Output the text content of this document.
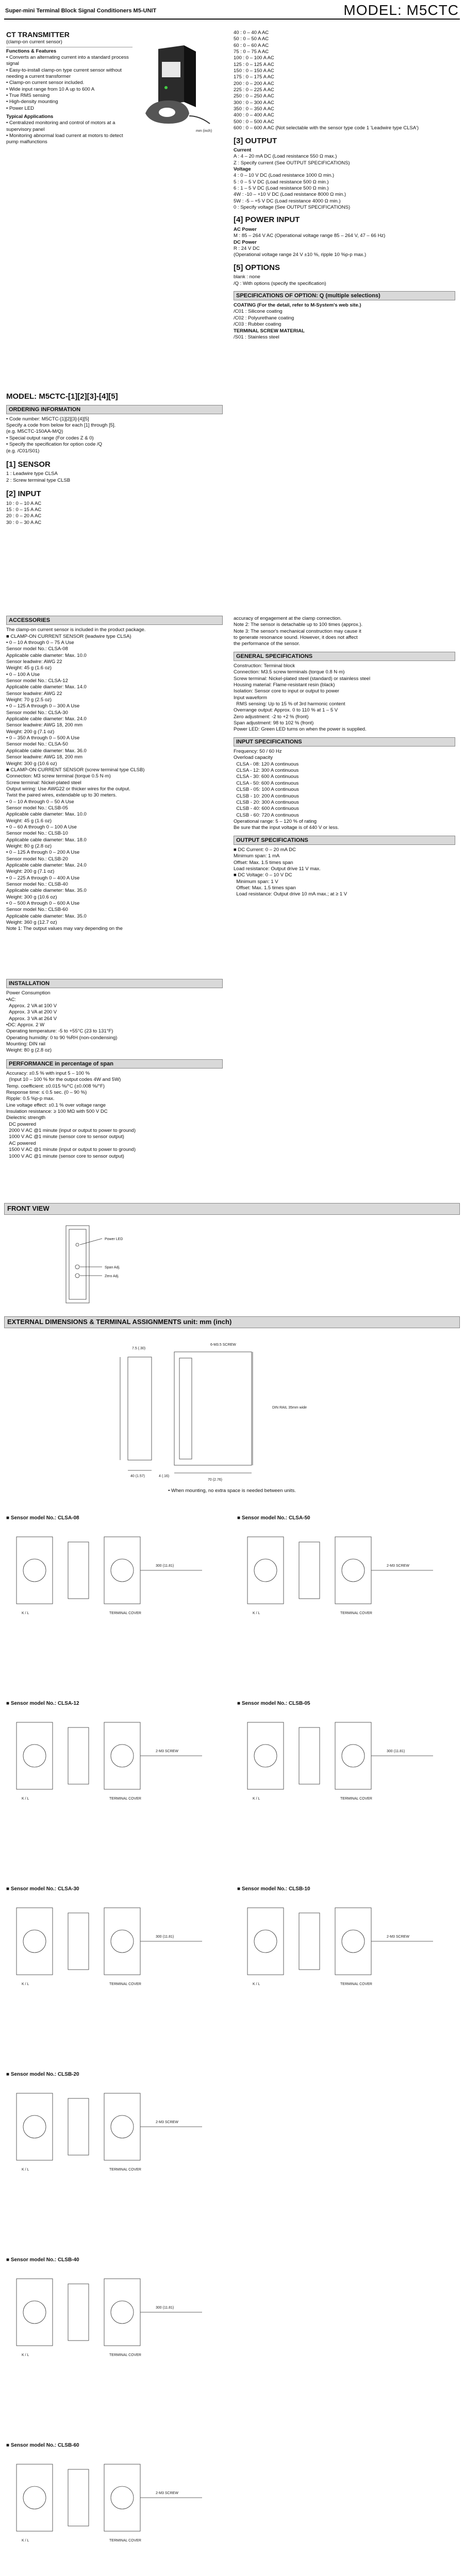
Super-mini Terminal Block Signal Conditioners M5-UNIT	MODEL: M5CTC
CT TRANSMITTER
(clamp-on current sensor)
Functions & Features
• Converts an alternating current into a standard process signal
• Easy-to-install clamp-on type current sensor without needing a current transformer
• Clamp-on current sensor included.
• Wide input range from 10 A up to 600 A
• True RMS sensing
• High-density mounting
• Power LED
Typical Applications
• Centralized monitoring and control of motors at a supervisory panel
• Monitoring abnormal load current at motors to detect pump malfunctions
mm (inch)
40 : 0 – 40 A AC
50 : 0 – 50 A AC
60 : 0 – 60 A AC
75 : 0 – 75 A AC
100 : 0 – 100 A AC
125 : 0 – 125 A AC
150 : 0 – 150 A AC
175 : 0 – 175 A AC
200 : 0 – 200 A AC
225 : 0 – 225 A AC
250 : 0 – 250 A AC
300 : 0 – 300 A AC
350 : 0 – 350 A AC
400 : 0 – 400 A AC
500 : 0 – 500 A AC
600 : 0 – 600 A AC (Not selectable with the sensor type code 1 'Leadwire type CLSA')
[3] OUTPUT
Current
A : 4 – 20 mA DC (Load resistance 550 Ω max.)
Z : Specify current (See OUTPUT SPECIFICATIONS)
Voltage
4 : 0 – 10 V DC (Load resistance 1000 Ω min.)
5 : 0 – 5 V DC (Load resistance 500 Ω min.)
6 : 1 – 5 V DC (Load resistance 500 Ω min.)
4W : -10 – +10 V DC (Load resistance 8000 Ω min.)
5W : -5 – +5 V DC (Load resistance 4000 Ω min.)
0 : Specify voltage (See OUTPUT SPECIFICATIONS)
[4] POWER INPUT
AC Power
M : 85 – 264 V AC (Operational voltage range 85 – 264 V, 47 – 66 Hz)
DC Power
R : 24 V DC
(Operational voltage range 24 V ±10 %, ripple 10 %p-p max.)
[5] OPTIONS
blank : none
/Q : With options (specify the specification)
SPECIFICATIONS OF OPTION: Q (multiple selections)
COATING (For the detail, refer to M-System's web site.)
/C01 : Silicone coating
/C02 : Polyurethane coating
/C03 : Rubber coating
TERMINAL SCREW MATERIAL
/S01 : Stainless steel
MODEL: M5CTC-[1][2][3]-[4][5]
ORDERING INFORMATION
• Code number: M5CTC-[1][2][3]-[4][5]
Specify a code from below for each [1] through [5].
(e.g. M5CTC-150AA-M/Q)
• Special output range (For codes Z & 0)
• Specify the specification for option code /Q
(e.g. /C01/S01)
[1] SENSOR
1 : Leadwire type CLSA
2 : Screw terminal type CLSB
[2] INPUT
10 : 0 – 10 A AC
15 : 0 – 15 A AC
20 : 0 – 20 A AC
30 : 0 – 30 A AC
ACCESSORIES
The clamp-on current sensor is included in the product package.
■ CLAMP-ON CURRENT SENSOR (leadwire type CLSA)
• 0 – 10 A through 0 – 75 A Use
Sensor model No.: CLSA-08
Applicable cable diameter: Max. 10.0
Sensor leadwire: AWG 22
Weight: 45 g (1.6 oz)
• 0 – 100 A Use
Sensor model No.: CLSA-12
Applicable cable diameter: Max. 14.0
Sensor leadwire: AWG 22
Weight: 70 g (2.5 oz)
• 0 – 125 A through 0 – 300 A Use
Sensor model No.: CLSA-30
Applicable cable diameter: Max. 24.0
Sensor leadwire: AWG 18, 200 mm
Weight: 200 g (7.1 oz)
• 0 – 350 A through 0 – 500 A Use
Sensor model No.: CLSA-50
Applicable cable diameter: Max. 36.0
Sensor leadwire: AWG 18, 200 mm
Weight: 300 g (10.6 oz)
■ CLAMP-ON CURRENT SENSOR (screw terminal type CLSB)
Connection: M3 screw terminal (torque 0.5 N·m)
Screw terminal: Nickel-plated steel
Output wiring: Use AWG22 or thicker wires for the output.
Twist the paired wires, extendable up to 30 meters.
• 0 – 10 A through 0 – 50 A Use
Sensor model No.: CLSB-05
Applicable cable diameter: Max. 10.0
Weight: 45 g (1.6 oz)
• 0 – 60 A through 0 – 100 A Use
Sensor model No.: CLSB-10
Applicable cable diameter: Max. 18.0
Weight: 80 g (2.8 oz)
• 0 – 125 A through 0 – 200 A Use
Sensor model No.: CLSB-20
Applicable cable diameter: Max. 24.0
Weight: 200 g (7.1 oz)
• 0 – 225 A through 0 – 400 A Use
Sensor model No.: CLSB-40
Applicable cable diameter: Max. 35.0
Weight: 300 g (10.6 oz)
• 0 – 500 A through 0 – 600 A Use
Sensor model No.: CLSB-60
Applicable cable diameter: Max. 35.0
Weight: 360 g (12.7 oz)
Note 1: The output values may vary depending on the
accuracy of engagement at the clamp connection.
Note 2: The sensor is detachable up to 100 times (approx.).
Note 3: The sensor's mechanical construction may cause it
to generate resonance sound. However, it does not affect
the performance of the sensor.
GENERAL SPECIFICATIONS
Construction: Terminal block
Connection: M3.5 screw terminals (torque 0.8 N·m)
Screw terminal: Nickel-plated steel (standard) or stainless steel
Housing material: Flame-resistant resin (black)
Isolation: Sensor core to input or output to power
Input waveform
RMS sensing: Up to 15 % of 3rd harmonic content
Overrange output: Approx. 0 to 110 % at 1 – 5 V
Zero adjustment: -2 to +2 % (front)
Span adjustment: 98 to 102 % (front)
Power LED: Green LED turns on when the power is supplied.
INPUT SPECIFICATIONS
Frequency: 50 / 60 Hz
Overload capacity
CLSA - 08: 120 A continuous
CLSA - 12: 300 A continuous
CLSA - 30: 600 A continuous
CLSA - 50: 600 A continuous
CLSB - 05: 100 A continuous
CLSB - 10: 200 A continuous
CLSB - 20: 300 A continuous
CLSB - 40: 600 A continuous
CLSB - 60: 720 A continuous
Operational range: 5 – 120 % of rating
Be sure that the input voltage is of 440 V or less.
OUTPUT SPECIFICATIONS
■ DC Current: 0 – 20 mA DC
Minimum span: 1 mA
Offset: Max. 1.5 times span
Load resistance: Output drive 11 V max.
■ DC Voltage: 0 – 10 V DC
Minimum span: 1 V
Offset: Max. 1.5 times span
Load resistance: Output drive 10 mA max.; at ≥ 1 V
INSTALLATION
Power Consumption
•AC:
Approx. 2 VA at 100 V
Approx. 3 VA at 200 V
Approx. 3 VA at 264 V
•DC: Approx. 2 W
Operating temperature: -5 to +55°C (23 to 131°F)
Operating humidity: 0 to 90 %RH (non-condensing)
Mounting: DIN rail
Weight: 80 g (2.8 oz)
PERFORMANCE in percentage of span
Accuracy: ±0.5 % with input 5 – 100 %
(Input 10 – 100 % for the output codes 4W and 5W)
Temp. coefficient: ±0.015 %/°C (±0.008 %/°F)
Response time: ≤ 0.5 sec. (0 – 90 %)
Ripple: 0.5 %p-p max.
Line voltage effect: ±0.1 % over voltage range
Insulation resistance: ≥ 100 MΩ with 500 V DC
Dielectric strength
DC powered
2000 V AC @1 minute (input or output to power to ground)
1000 V AC @1 minute (sensor core to sensor output)
AC powered
1500 V AC @1 minute (input or output to power to ground)
1000 V AC @1 minute (sensor core to sensor output)
FRONT VIEW
Power LED
Span Adj.
Zero Adj.
EXTERNAL DIMENSIONS & TERMINAL ASSIGNMENTS unit: mm (inch)
7.5 (.30)
6-M3.5 SCREW
DIN RAIL 35mm wide
40 (1.57)	4 (.16)
70 (2.76)
• When mounting, no extra space is needed between units.
■ Sensor model No.: CLSA-08
300 (11.81)
TERMINAL COVER
K / L
■ Sensor model No.: CLSA-12
2-M3 SCREW
TERMINAL COVER
K / L
■ Sensor model No.: CLSA-30
300 (11.81)
TERMINAL COVER
K / L
■ Sensor model No.: CLSB-20
2-M3 SCREW
TERMINAL COVER
K / L
■ Sensor model No.: CLSB-40
300 (11.81)
TERMINAL COVER
K / L
■ Sensor model No.: CLSB-60
2-M3 SCREW
TERMINAL COVER
K / L
■ Sensor model No.: CLSA-50
2-M3 SCREW
TERMINAL COVER
K / L
■ Sensor model No.: CLSB-05
300 (11.81)
TERMINAL COVER
K / L
■ Sensor model No.: CLSB-10
2-M3 SCREW
TERMINAL COVER
K / L
